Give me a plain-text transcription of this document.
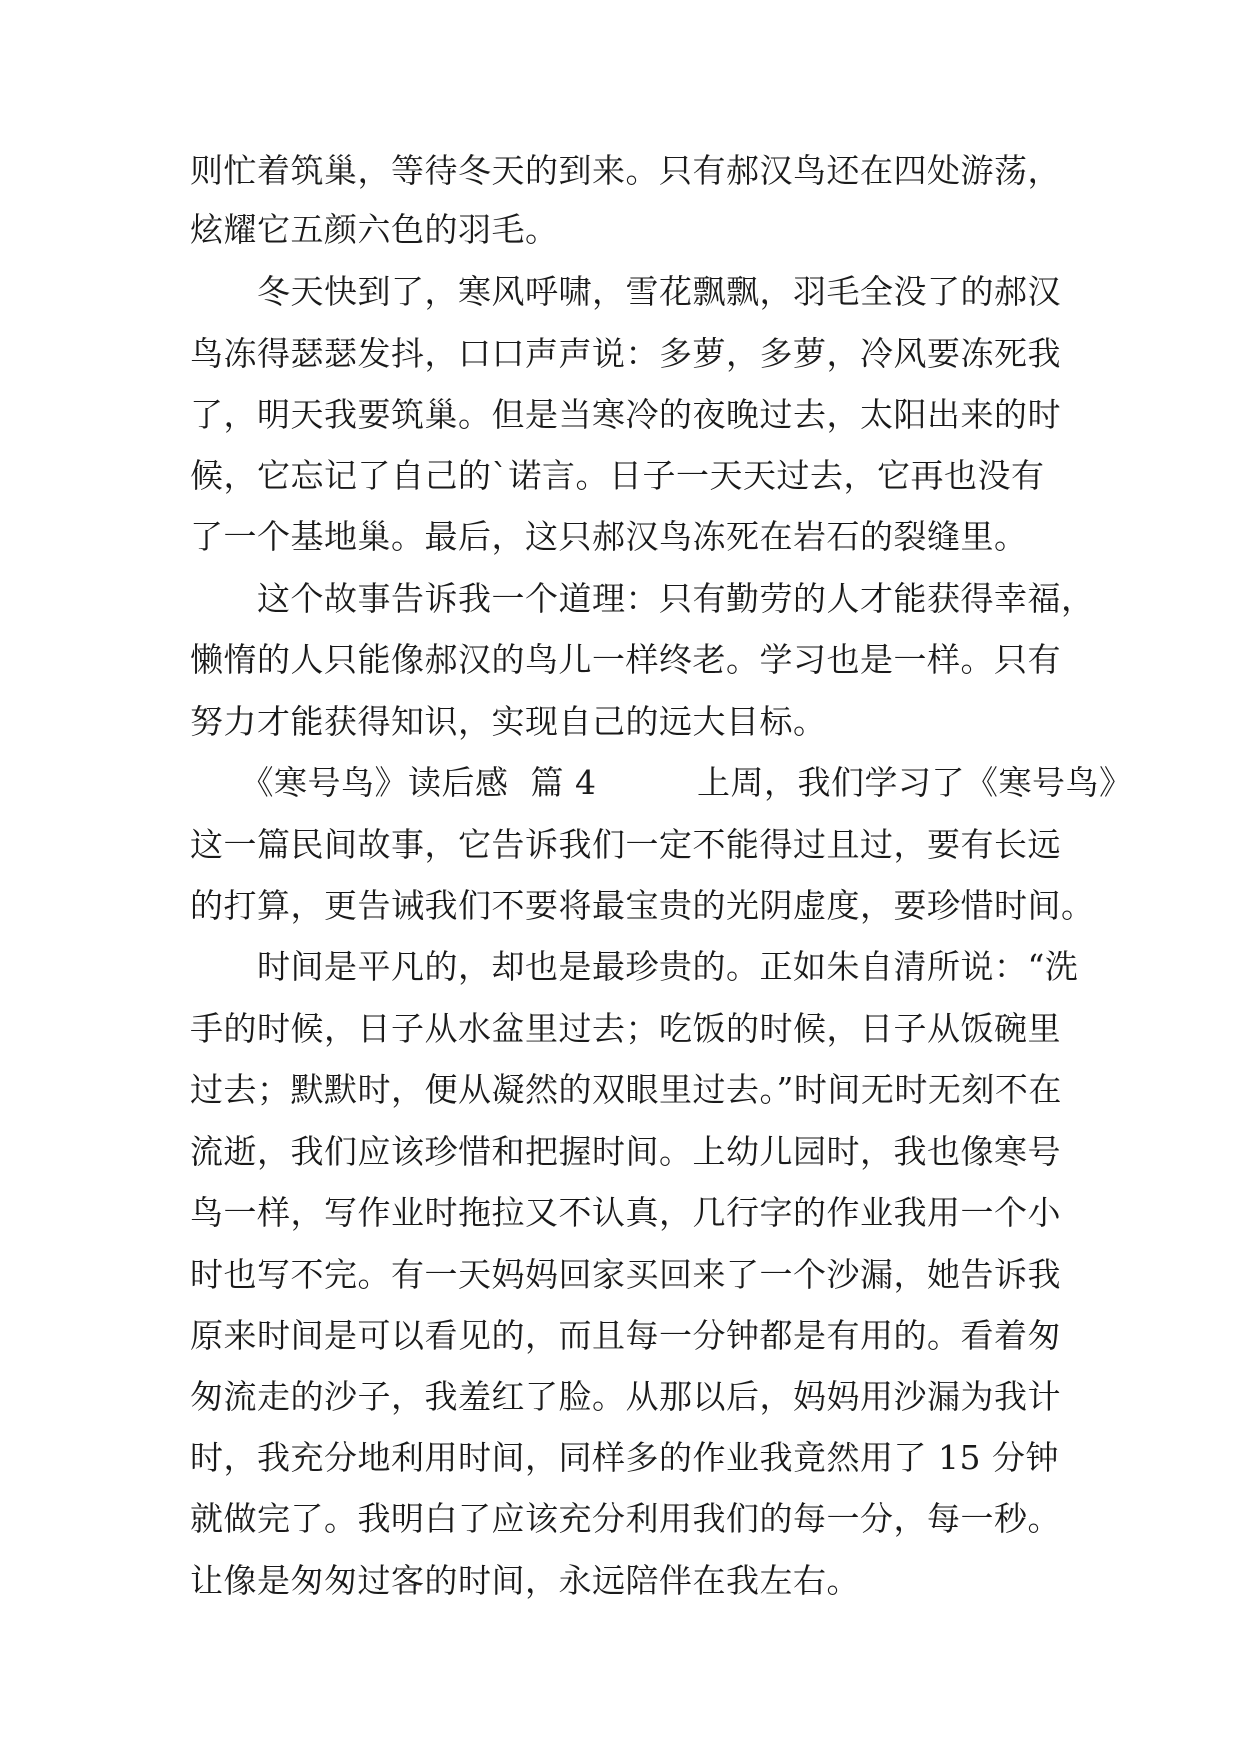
则忙着筑巢，等待冬天的到来。只有郝汉鸟还在四处游荡，

炫耀它五颜六色的羽毛。

　　冬天快到了，寒风呼啸，雪花飘飘，羽毛全没了的郝汉

鸟冻得瑟瑟发抖，口口声声说：多萝，多萝，冷风要冻死我

了，明天我要筑巢。但是当寒冷的夜晚过去，太阳出来的时

候，它忘记了自己的`诺言。日子一天天过去，它再也没有

了一个基地巢。最后，这只郝汉鸟冻死在岩石的裂缝里。

　　这个故事告诉我一个道理：只有勤劳的人才能获得幸福，

懒惰的人只能像郝汉的鸟儿一样终老。学习也是一样。只有

努力才能获得知识，实现自己的远大目标。

　　《寒号鸟》读后感  篇 4　　　上周，我们学习了《寒号鸟》

这一篇民间故事，它告诉我们一定不能得过且过，要有长远

的打算，更告诫我们不要将最宝贵的光阴虚度，要珍惜时间。

　　时间是平凡的，却也是最珍贵的。正如朱自清所说：“洗

手的时候，日子从水盆里过去；吃饭的时候，日子从饭碗里

过去；默默时，便从凝然的双眼里过去。”时间无时无刻不在

流逝，我们应该珍惜和把握时间。上幼儿园时，我也像寒号

鸟一样，写作业时拖拉又不认真，几行字的作业我用一个小

时也写不完。有一天妈妈回家买回来了一个沙漏，她告诉我

原来时间是可以看见的，而且每一分钟都是有用的。看着匆

匆流走的沙子，我羞红了脸。从那以后，妈妈用沙漏为我计

时，我充分地利用时间，同样多的作业我竟然用了 15 分钟

就做完了。我明白了应该充分利用我们的每一分，每一秒。

让像是匆匆过客的时间，永远陪伴在我左右。
